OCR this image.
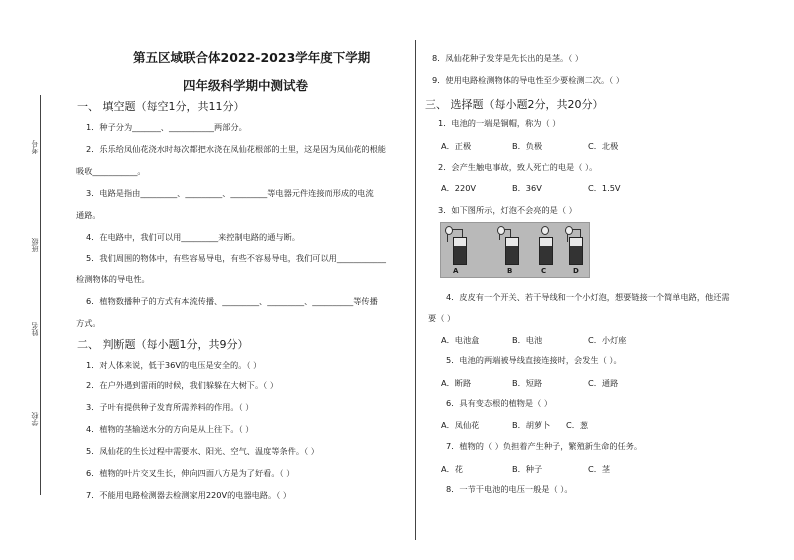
考号
班级
姓名
学校
第五区域联合体2022-2023学年度下学期
四年级科学期中测试卷
一、 填空题（每空1分，共11分）
1．种子分为_______、___________两部分。
2．乐乐给凤仙花浇水时每次都把水浇在凤仙花根部的土里，这是因为凤仙花的根能
吸收___________。
3．电路是指由_________、_________、_________等电器元件连接而形成的电流
通路。
4．在电路中，我们可以用_________来控制电路的通与断。
5．我们周围的物体中，有些容易导电，有些不容易导电，我们可以用____________
检测物体的导电性。
6．植物数播种子的方式有本流传播、_________、_________、__________等传播
方式。
二、 判断题（每小题1分，共9分）
1．对人体来说，低于36V的电压是安全的。（ ）
2．在户外遇到雷雨的时候，我们躲躲在大树下。（ ）
3．子叶有提供种子发育所需养料的作用。（ ）
4．植物的茎输送水分的方向是从上往下。（ ）
5．凤仙花的生长过程中需要水、阳光、空气、温度等条件。（ ）
6．植物的叶片交叉生长，伸向四面八方是为了好看。（ ）
7．不能用电路检测器去检测家用220V的电器电路。（ ）
8．凤仙花种子发芽是先长出的是茎。（ ）
9．使用电路检测物体的导电性至少要检测二次。（ ）
三、 选择题（每小题2分，共20分）
1．电池的一端是铜帽，称为（ ）
A．正极	B．负极	C．北极
2．会产生触电事故，致人死亡的电是（ ）。
A．220V	B．36V	C．1.5V
3．如下图所示，灯泡不会亮的是（ ）
A	B	C	D
4．皮皮有一个开关、若干导线和一个小灯泡，想要链接一个简单电路，他还需
要（ ）
A．电池盒	B．电池	C．小灯座
5．电池的两端被导线直接连接时，会发生（ ）。
A．断路	B．短路	C．通路
6．具有变态根的植物是（ ）
A．凤仙花	B．胡萝卜 C．葱
7．植物的（ ）负担着产生种子，繁殖新生命的任务。
A．花	B．种子	C．茎
8．一节干电池的电压一般是（ ）。
